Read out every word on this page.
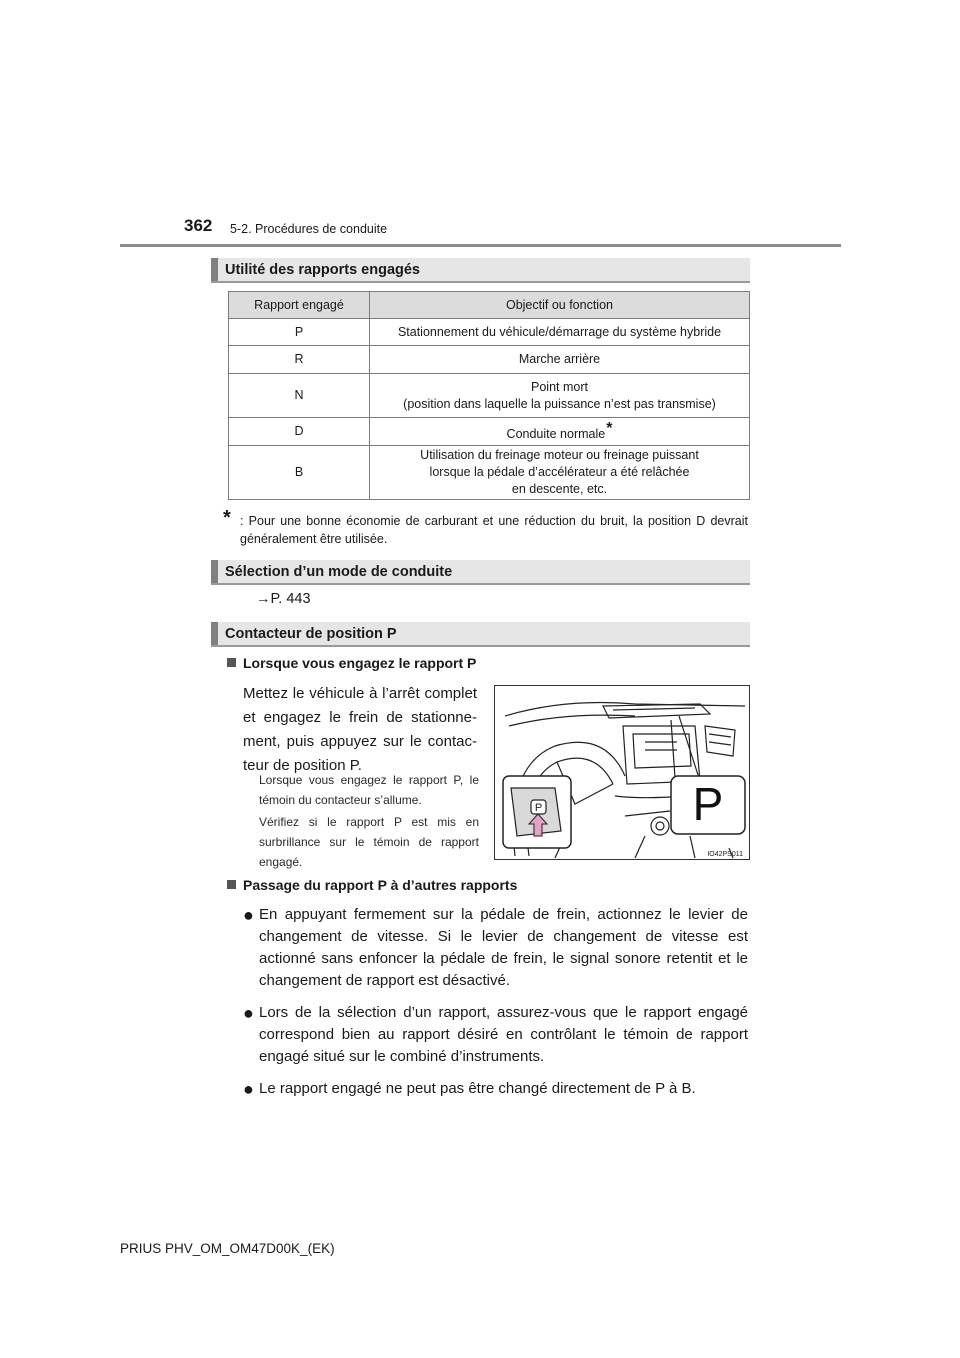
362 5-2. Procédures de conduite
Utilité des rapports engagés
Rapport engagé	Objectif ou fonction
P	Stationnement du véhicule/démarrage du système hybride
R	Marche arrière
N	Point mort
(position dans laquelle la puissance n’est pas transmise)

D	Conduite normale*
B	Utilisation du freinage moteur ou freinage puissant
lorsque la pédale d’accélérateur a été relâchée
en descente, etc.
* : Pour une bonne économie de carburant et une réduction du bruit, la position D devrait généralement être utilisée.
Sélection d’un mode de conduite
→P. 443
Contacteur de position P
Lorsque vous engagez le rapport P
Mettez le véhicule à l’arrêt complet et engagez le frein de stationne-ment, puis appuyez sur le contac-teur de position P.
Lorsque vous engagez le rapport P, le témoin du contacteur s’allume.
Vérifiez si le rapport P est mis en surbrillance sur le témoin de rapport engagé.
P	P
IO42PS011
Passage du rapport P à d’autres rapports
● En appuyant fermement sur la pédale de frein, actionnez le levier de changement de vitesse. Si le levier de changement de vitesse est actionné sans enfoncer la pédale de frein, le signal sonore retentit et le changement de rapport est désactivé.
● Lors de la sélection d’un rapport, assurez-vous que le rapport engagé correspond bien au rapport désiré en contrôlant le témoin de rapport engagé situé sur le combiné d’instruments.
● Le rapport engagé ne peut pas être changé directement de P à B.
PRIUS PHV_OM_OM47D00K_(EK)
